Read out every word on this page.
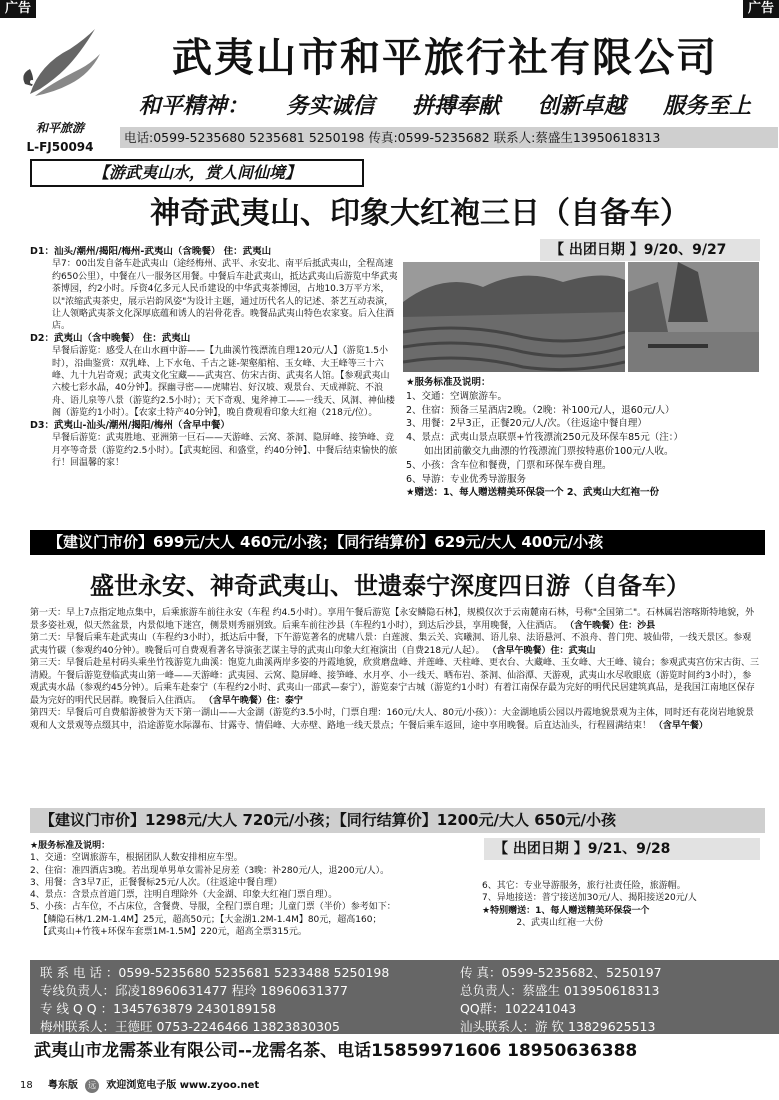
广告	广告
和平旅游
L-FJ50094
武夷山市和平旅行社有限公司
和平精神： 务实诚信 拼搏奉献 创新卓越 服务至上
电话:0599-5235680 5235681 5250198 传真:0599-5235682 联系人:蔡盛生13950618313
【游武夷山水，赏人间仙境】
神奇武夷山、印象大红袍三日（自备车）
【 出团日期 】9/20、9/27

D1：汕头/潮州/揭阳/梅州-武夷山（含晚餐） 住：武夷山

早7：00出发自备车赴武夷山（途经梅州、武平、永安北、南平后抵武夷山，全程高速约650公里），中餐在八一服务区用餐。中餐后车赴武夷山，抵达武夷山后游览中华武夷茶博园，约2小时。斥资4亿多元人民币建设的中华武夷茶博园，占地10.3万平方米，以"浓缩武夷茶史，展示岩韵风姿"为设计主题，通过历代名人的记述、茶艺互动表演，让人领略武夷茶文化深厚底蕴和诱人的岩骨花香。晚餐品武夷山特色农家宴。后入住酒店。

D2：武夷山（含中晚餐） 住：武夷山

早餐后游览：感受人在山水画中游——【九曲溪竹筏漂流自理120元/人】（游览1.5小时），沿曲鉴赏：双乳峰、上下水龟、千古之谜-架壑船棺、玉女峰、大王峰等三十六峰、九十九岩奇观；武夷文化宝藏——武夷宫、仿宋古街、武夷名人馆。【参观武夷山六棱七彩水晶，40分钟】。探幽寻密——虎啸岩、好汉坡、观景台、天成禅院、不浪舟、语儿泉等八景（游览约2.5小时）；天下奇观、鬼斧神工——一线天、风洞、神仙楼阁（游览约1小时）。【农家土特产40分钟】，晚自费观看印象大红袍（218元/位）。

D3：武夷山-汕头/潮州/揭阳/梅州（含早中餐）

早餐后游览：武夷胜地、亚洲第一巨石——天游峰、云窝、茶洞、隐屏峰、接笋峰、竞月亭等奇景（游览约2.5小时）。【武夷蛇园、和盛堂，约40分钟】、中餐后结束愉快的旅行！回温馨的家！

★服务标准及说明：
1、交通：空调旅游车。
2、住宿：预备三星酒店2晚。（2晚：补100元/人，退60元/人）
3、用餐：2早3正，正餐20元/人/次。（往返途中餐自理）
4、景点：武夷山景点联票+竹筏漂流250元及环保车85元（注：）
如出团前徽交九曲漂的竹筏漂流门票按特惠价100元/人收。
5、小孩：含车位和餐费，门票和环保车费自理。
6、导游：专业优秀导游服务
★赠送：1、每人赠送精美环保袋一个 2、武夷山大红袍一份
【建议门市价】699元/大人 460元/小孩；【同行结算价】629元/大人 400元/小孩
盛世永安、神奇武夷山、世遗泰宁深度四日游（自备车）

第一天：早上7点指定地点集中，后乘旅游车前往永安（车程 约4.5小时）。享用午餐后游览【永安鳞隐石林】，规模仅次于云南麓南石林，号称"全国第二"。石林属岩溶喀斯特地貌，外景多姿社观，似天然盆景，内景似地下迷宫，侧景则秀丽别致。后乘车前往沙县（车程约1小时），到达后沙县，享用晚餐，入住酒店。 （含午晚餐）住：沙县

第二天：早餐后乘车赴武夷山（车程约3小时），抵达后中餐，下午游览著名的虎啸八景：白莲渡、集云关、宾曦洞、语儿泉、法语悬河、不浪舟、普门兜、坡仙带，一线天景区。参观武夷竹碳（参观约40分钟）。晚餐后可自费观看著名导演张艺谋主导的武夷山印象大红袍演出（自费218元/人起）。 （含早午晚餐）住：武夷山

第三天：早餐后赴星村码头乘坐竹筏游览九曲溪：饱览九曲溪两岸多姿的丹霞地貌，欣赏磨盘峰、并莲峰、天柱峰、更衣台、大藏峰、玉女峰、大王峰、镜台；参观武夷宫仿宋古街、三清殿。午餐后游览登临武夷山第一峰——天游峰：武夷园、云窝、隐屏峰、接笋峰、水月亭、小一线天、晒布岩、茶洞、仙浴潭、天游观，武夷山水尽收眼底（游览时间约3小时），参观武夷水晶（参观约45分钟）。后乘车赴泰宁（车程约2小时、武夷山一邵武—泰宁），游览泰宁古城（游览约1小时）有着江南保存最为完好的明代民居建筑真品，是我国江南地区保存最为完好的明代民居群。晚餐后入住酒店。 （含早午晚餐）住：泰宁

第四天：早餐后可自费船游被誉为天下第一湖山——大金湖（游览约3.5小时，门票自理：160元/大人、80元/小孩））：大金湖地质公园以丹霞地貌景观为主体，同时还有花岗岩地貌景观和人文景观等点缀其中，沿途游览水际瀑布、甘露寺、情侣峰、大赤壁、路地一线天景点；午餐后乘车返回，途中享用晚餐。后直达汕头，行程圆满结束！ （含早午餐）

【建议门市价】1298元/大人 720元/小孩；【同行结算价】1200元/大人 650元/小孩
【 出团日期 】9/21、9/28
★服务标准及说明：
1、交通：空调旅游车，根据团队人数安排相应车型。
2、住宿：准四酒店3晚。若出现单男单女需补足房差（3晚：补280元/人，退200元/人）。
3、用餐：含3早7正，正餐餐标25元/人次。（往返途中餐自理）
4、景点：含景点首道门票，注明自理除外（大金湖、印象大红袍门票自理）。
5、小孩：占车位，不占床位，含餐费、导服，全程门票自理；儿童门票（半价）参考如下：
【鳞隐石林/1.2M-1.4M】25元，超高50元；【大金湖1.2M-1.4M】80元，超高160；
【武夷山+竹筏+环保车套票1M-1.5M】220元，超高全票315元。
6、其它：专业导游服务，旅行社责任险，旅游帽。
7、异地接送：普宁接送加30元/人、揭阳接送20元/人
★特别赠送：1、每人赠送精美环保袋一个
2、武夷山红袍一大份
联 系 电 话 ：0599-5235680 5235681 5233488 5250198	传 真：0599-5235682、5250197
专线负责人：邱凌18960631477 程玲 18960631377	总负责人：蔡盛生 013950618313
专 线 Q Q ：1345763879 2430189158	QQ群：102241043
梅州联系人：王德旺 0753-2246466 13823830305	汕头联系人：游 钦 13829625513
武夷山市龙需茶业有限公司--龙需名茶、电话15859971606 18950636388
18 粤东版 远 欢迎浏览电子版 www.zyoo.net
